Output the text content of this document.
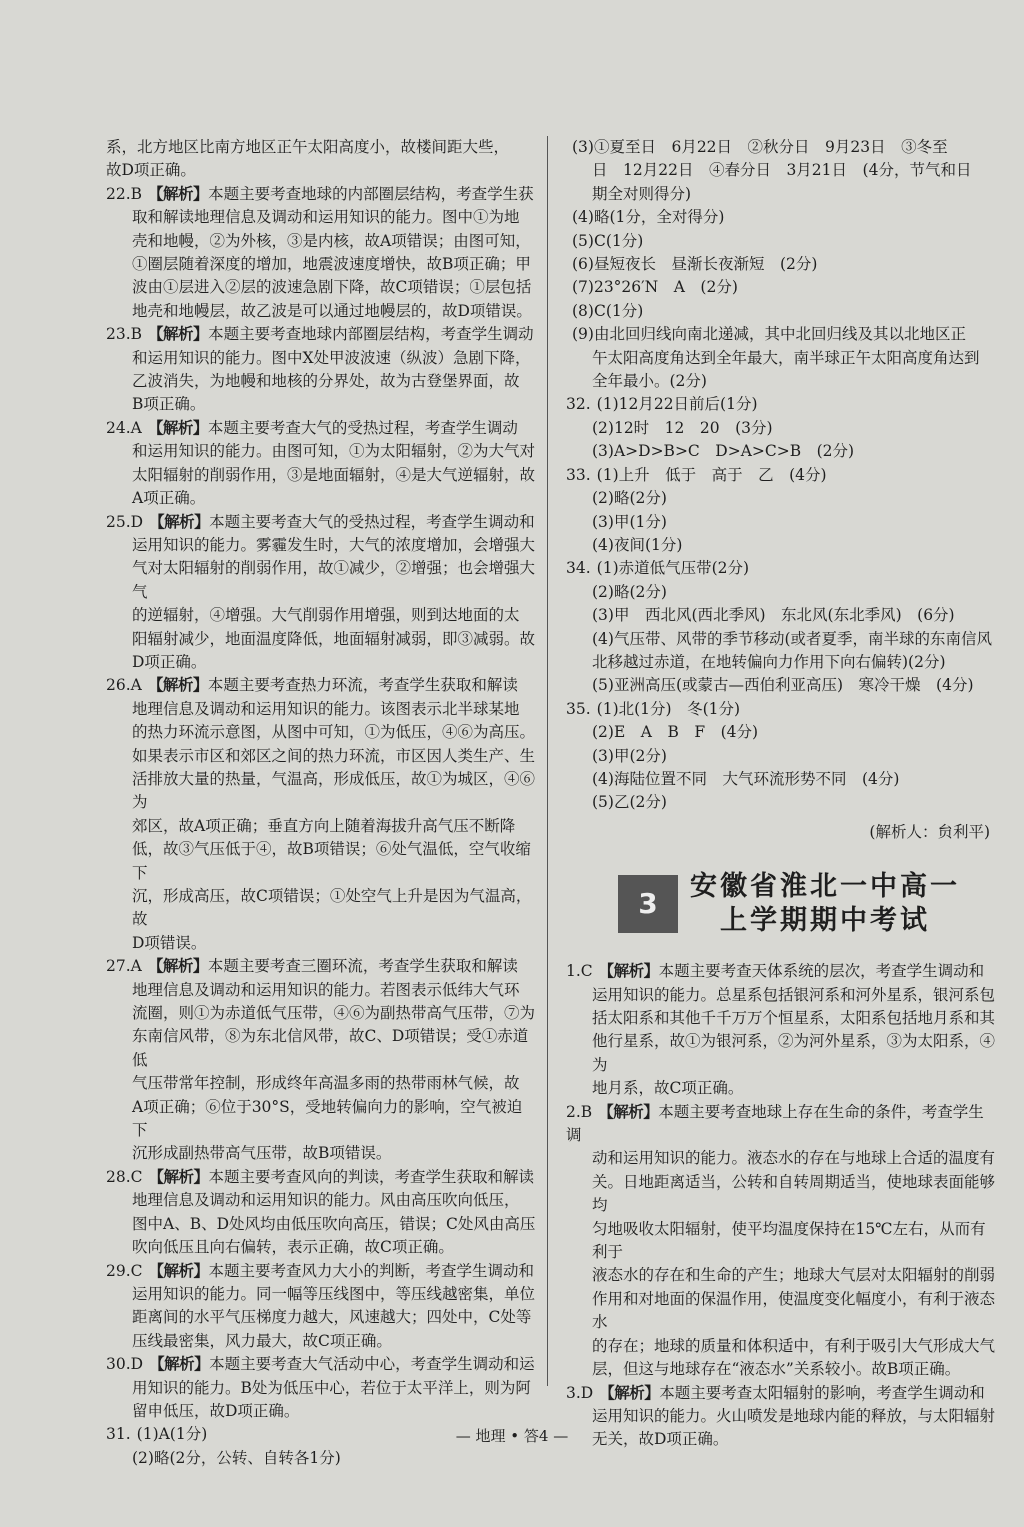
系，北方地区比南方地区正午太阳高度小，故楼间距大些，
故D项正确。
22.B 【解析】本题主要考查地球的内部圈层结构，考查学生获
取和解读地理信息及调动和运用知识的能力。图中①为地
壳和地幔，②为外核，③是内核，故A项错误；由图可知，
①圈层随着深度的增加，地震波速度增快，故B项正确；甲
波由①层进入②层的波速急剧下降，故C项错误；①层包括
地壳和地幔层，故乙波是可以通过地幔层的，故D项错误。
23.B 【解析】本题主要考查地球内部圈层结构，考查学生调动
和运用知识的能力。图中X处甲波波速（纵波）急剧下降，
乙波消失，为地幔和地核的分界处，故为古登堡界面，故
B项正确。
24.A 【解析】本题主要考查大气的受热过程，考查学生调动
和运用知识的能力。由图可知，①为太阳辐射，②为大气对
太阳辐射的削弱作用，③是地面辐射，④是大气逆辐射，故
A项正确。
25.D 【解析】本题主要考查大气的受热过程，考查学生调动和
运用知识的能力。雾霾发生时，大气的浓度增加，会增强大
气对太阳辐射的削弱作用，故①减少，②增强；也会增强大气
的逆辐射，④增强。大气削弱作用增强，则到达地面的太
阳辐射减少，地面温度降低，地面辐射减弱，即③减弱。故
D项正确。
26.A 【解析】本题主要考查热力环流，考查学生获取和解读
地理信息及调动和运用知识的能力。该图表示北半球某地
的热力环流示意图，从图中可知，①为低压，④⑥为高压。
如果表示市区和郊区之间的热力环流，市区因人类生产、生
活排放大量的热量，气温高，形成低压，故①为城区，④⑥为
郊区，故A项正确；垂直方向上随着海拔升高气压不断降
低，故③气压低于④，故B项错误；⑥处气温低，空气收缩下
沉，形成高压，故C项错误；①处空气上升是因为气温高，故
D项错误。
27.A 【解析】本题主要考查三圈环流，考查学生获取和解读
地理信息及调动和运用知识的能力。若图表示低纬大气环
流圈，则①为赤道低气压带，④⑥为副热带高气压带，⑦为
东南信风带，⑧为东北信风带，故C、D项错误；受①赤道低
气压带常年控制，形成终年高温多雨的热带雨林气候，故
A项正确；⑥位于30°S，受地转偏向力的影响，空气被迫下
沉形成副热带高气压带，故B项错误。
28.C 【解析】本题主要考查风向的判读，考查学生获取和解读
地理信息及调动和运用知识的能力。风由高压吹向低压，
图中A、B、D处风均由低压吹向高压，错误；C处风由高压
吹向低压且向右偏转，表示正确，故C项正确。
29.C 【解析】本题主要考查风力大小的判断，考查学生调动和
运用知识的能力。同一幅等压线图中，等压线越密集，单位
距离间的水平气压梯度力越大，风速越大；四处中，C处等
压线最密集，风力最大，故C项正确。
30.D 【解析】本题主要考查大气活动中心，考查学生调动和运
用知识的能力。B处为低压中心，若位于太平洋上，则为阿
留申低压，故D项正确。
31. (1)A(1分)
(2)略(2分，公转、自转各1分)
(3)①夏至日　6月22日　②秋分日　9月23日　③冬至
日　12月22日　④春分日　3月21日　(4分，节气和日
期全对则得分)
(4)略(1分，全对得分)
(5)C(1分)
(6)昼短夜长　昼渐长夜渐短　(2分)
(7)23°26′N　A　(2分)
(8)C(1分)
(9)由北回归线向南北递减，其中北回归线及其以北地区正
午太阳高度角达到全年最大，南半球正午太阳高度角达到
全年最小。(2分)
32. (1)12月22日前后(1分)
(2)12时　12　20　(3分)
(3)A>D>B>C　D>A>C>B　(2分)
33. (1)上升　低于　高于　乙　(4分)
(2)略(2分)
(3)甲(1分)
(4)夜间(1分)
34. (1)赤道低气压带(2分)
(2)略(2分)
(3)甲　西北风(西北季风)　东北风(东北季风)　(6分)
(4)气压带、风带的季节移动(或者夏季，南半球的东南信风
北移越过赤道，在地转偏向力作用下向右偏转)(2分)
(5)亚洲高压(或蒙古—西伯利亚高压)　寒冷干燥　(4分)
35. (1)北(1分)　冬(1分)
(2)E　A　B　F　(4分)
(3)甲(2分)
(4)海陆位置不同　大气环流形势不同　(4分)
(5)乙(2分)
(解析人：贠利平)
3
安徽省淮北一中高一
上学期期中考试
1.C 【解析】本题主要考查天体系统的层次，考查学生调动和
运用知识的能力。总星系包括银河系和河外星系，银河系包
括太阳系和其他千千万万个恒星系，太阳系包括地月系和其
他行星系，故①为银河系，②为河外星系，③为太阳系，④为
地月系，故C项正确。
2.B 【解析】本题主要考查地球上存在生命的条件，考查学生调
动和运用知识的能力。液态水的存在与地球上合适的温度有
关。日地距离适当，公转和自转周期适当，使地球表面能够均
匀地吸收太阳辐射，使平均温度保持在15℃左右，从而有利于
液态水的存在和生命的产生；地球大气层对太阳辐射的削弱
作用和对地面的保温作用，使温度变化幅度小，有利于液态水
的存在；地球的质量和体积适中，有利于吸引大气形成大气
层，但这与地球存在“液态水”关系较小。故B项正确。
3.D 【解析】本题主要考查太阳辐射的影响，考查学生调动和
运用知识的能力。火山喷发是地球内能的释放，与太阳辐射
无关，故D项正确。
— 地理 • 答4 —
